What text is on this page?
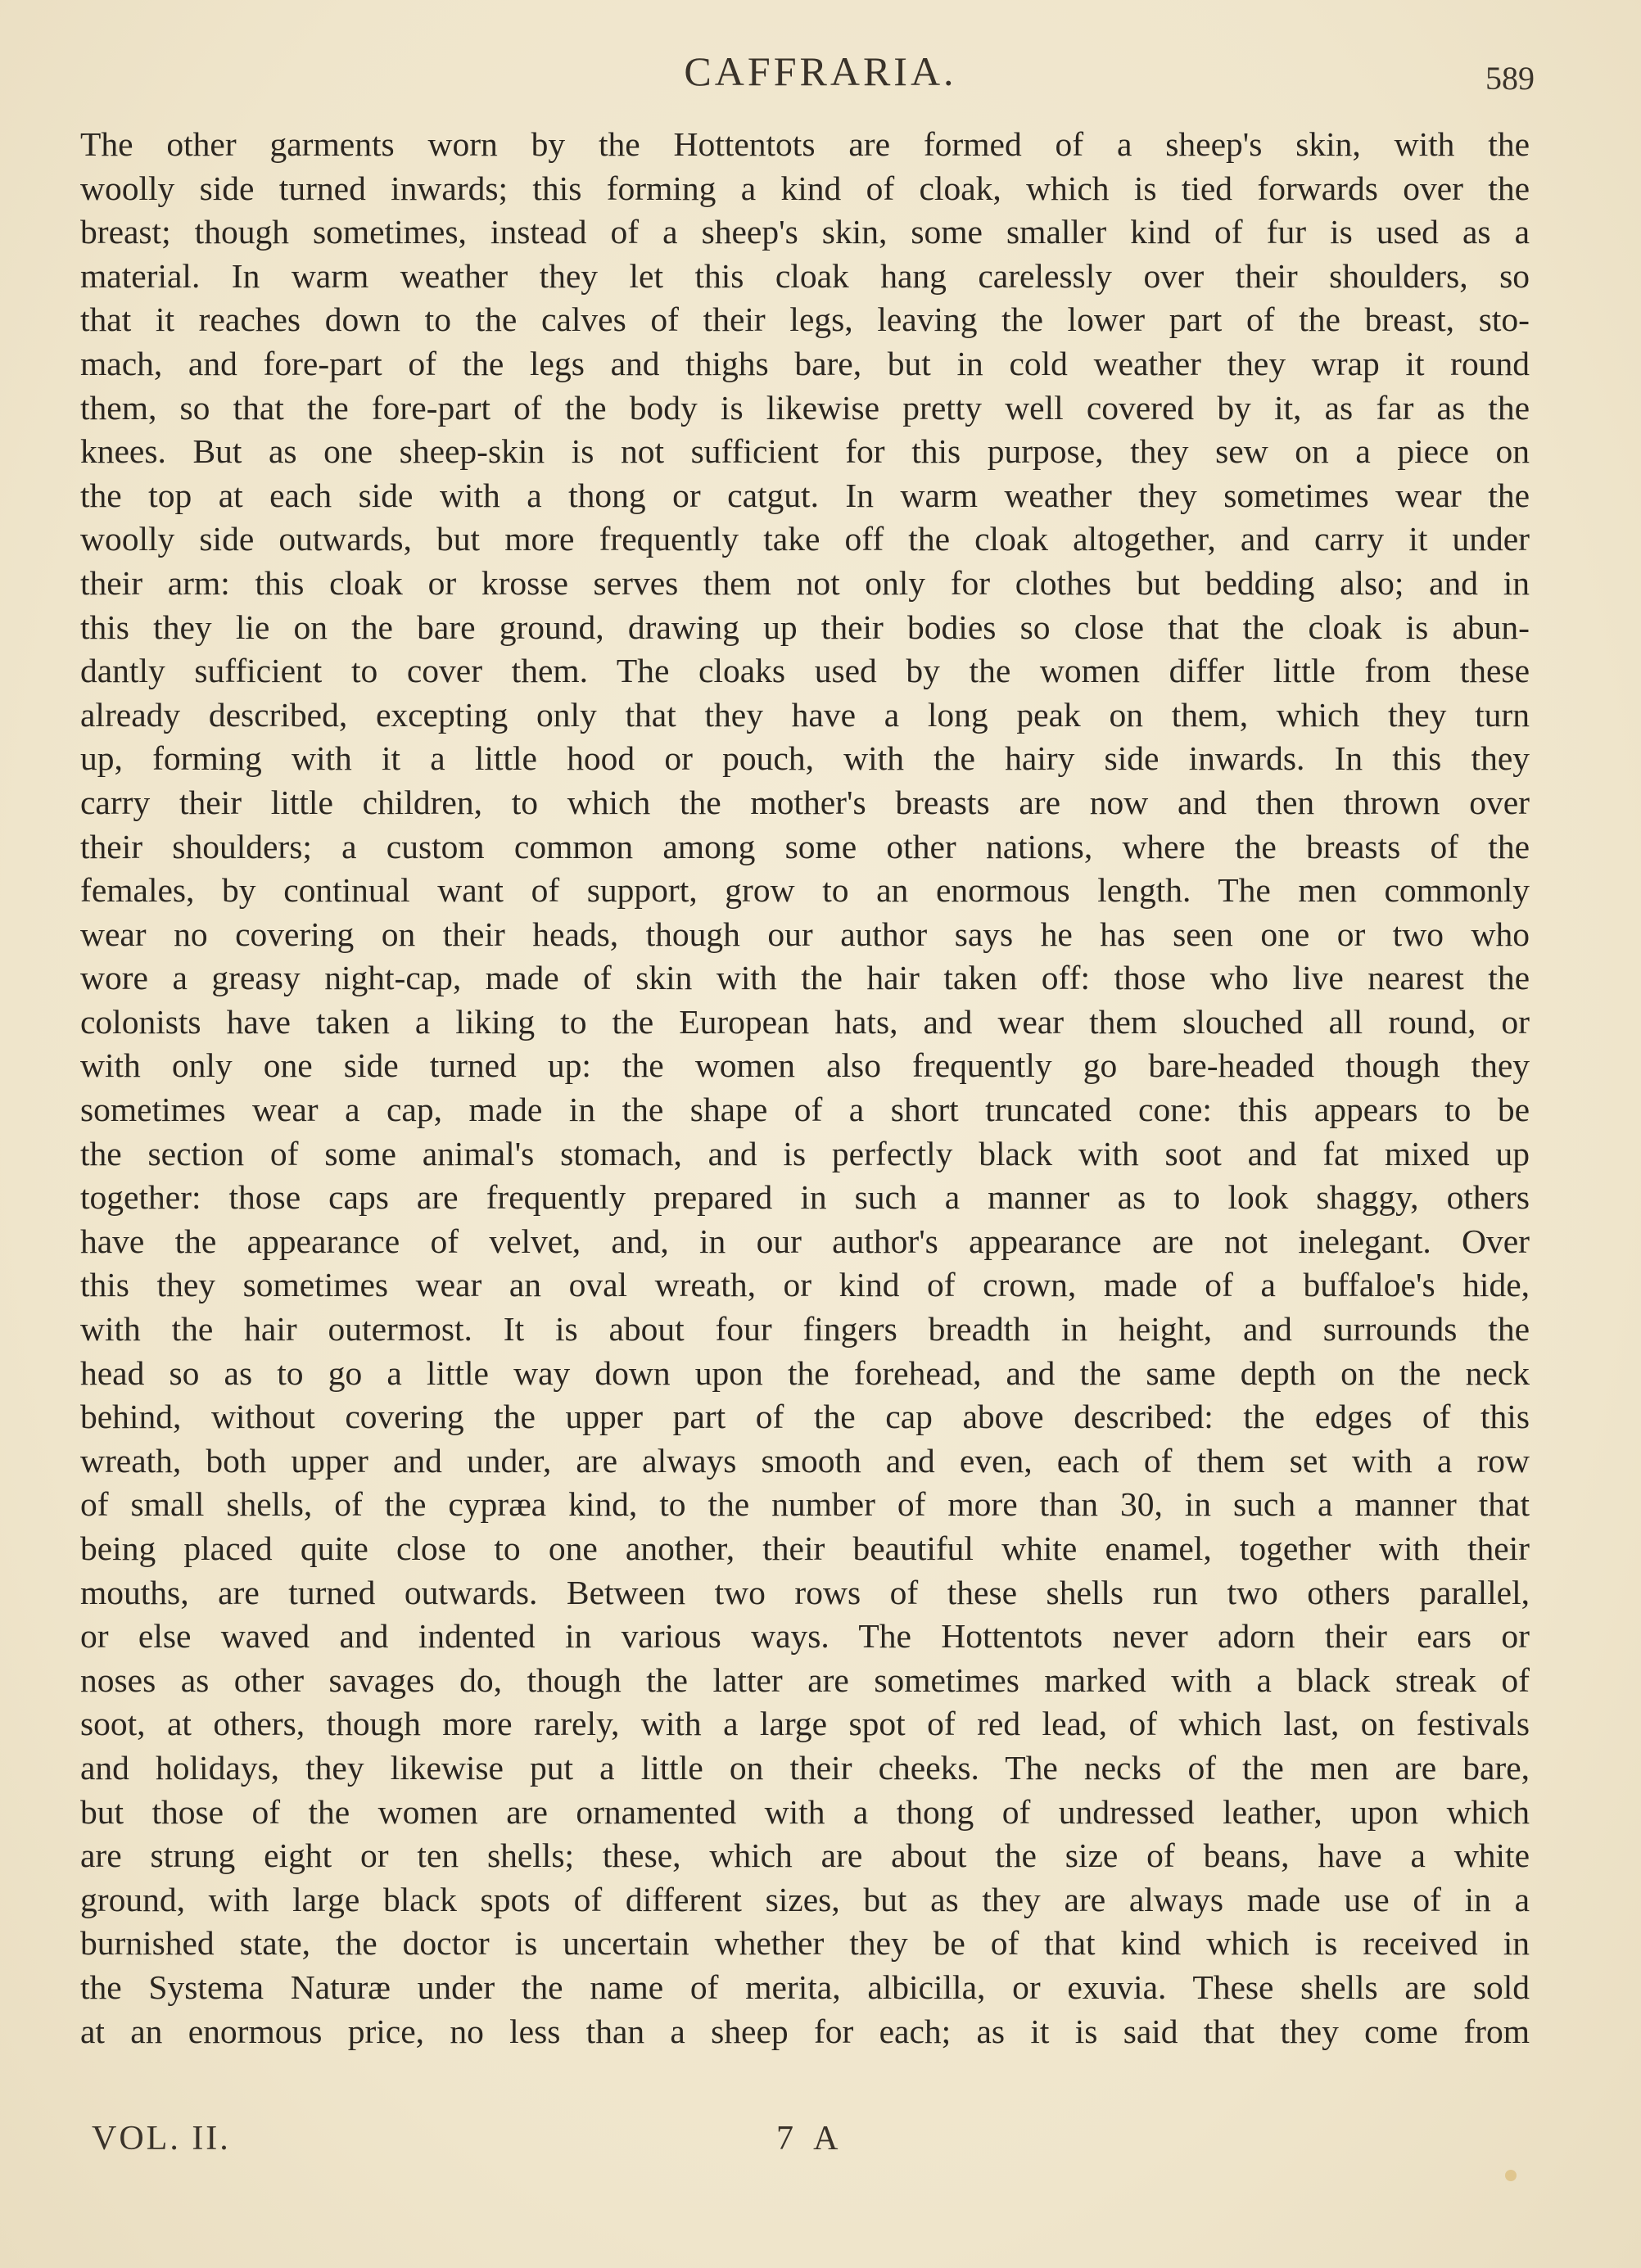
CAFFRARIA.	589
The other garments worn by the Hottentots are formed of a sheep's skin, with the
woolly side turned inwards; this forming a kind of cloak, which is tied forwards over the
breast; though sometimes, instead of a sheep's skin, some smaller kind of fur is used as a
material. In warm weather they let this cloak hang carelessly over their shoulders, so
that it reaches down to the calves of their legs, leaving the lower part of the breast, sto-
mach, and fore-part of the legs and thighs bare, but in cold weather they wrap it round
them, so that the fore-part of the body is likewise pretty well covered by it, as far as the
knees. But as one sheep-skin is not sufficient for this purpose, they sew on a piece on
the top at each side with a thong or catgut. In warm weather they sometimes wear the
woolly side outwards, but more frequently take off the cloak altogether, and carry it under
their arm: this cloak or krosse serves them not only for clothes but bedding also; and in
this they lie on the bare ground, drawing up their bodies so close that the cloak is abun-
dantly sufficient to cover them. The cloaks used by the women differ little from these
already described, excepting only that they have a long peak on them, which they turn
up, forming with it a little hood or pouch, with the hairy side inwards. In this they
carry their little children, to which the mother's breasts are now and then thrown over
their shoulders; a custom common among some other nations, where the breasts of the
females, by continual want of support, grow to an enormous length. The men commonly
wear no covering on their heads, though our author says he has seen one or two who
wore a greasy night-cap, made of skin with the hair taken off: those who live nearest the
colonists have taken a liking to the European hats, and wear them slouched all round, or
with only one side turned up: the women also frequently go bare-headed though they
sometimes wear a cap, made in the shape of a short truncated cone: this appears to be
the section of some animal's stomach, and is perfectly black with soot and fat mixed up
together: those caps are frequently prepared in such a manner as to look shaggy, others
have the appearance of velvet, and, in our author's appearance are not inelegant. Over
this they sometimes wear an oval wreath, or kind of crown, made of a buffaloe's hide,
with the hair outermost. It is about four fingers breadth in height, and surrounds the
head so as to go a little way down upon the forehead, and the same depth on the neck
behind, without covering the upper part of the cap above described: the edges of this
wreath, both upper and under, are always smooth and even, each of them set with a row
of small shells, of the cypræa kind, to the number of more than 30, in such a manner that
being placed quite close to one another, their beautiful white enamel, together with their
mouths, are turned outwards. Between two rows of these shells run two others parallel,
or else waved and indented in various ways. The Hottentots never adorn their ears or
noses as other savages do, though the latter are sometimes marked with a black streak of
soot, at others, though more rarely, with a large spot of red lead, of which last, on festivals
and holidays, they likewise put a little on their cheeks. The necks of the men are bare,
but those of the women are ornamented with a thong of undressed leather, upon which
are strung eight or ten shells; these, which are about the size of beans, have a white
ground, with large black spots of different sizes, but as they are always made use of in a
burnished state, the doctor is uncertain whether they be of that kind which is received in
the Systema Naturæ under the name of merita, albicilla, or exuvia. These shells are sold
at an enormous price, no less than a sheep for each; as it is said that they come from
VOL. II.	7 A
